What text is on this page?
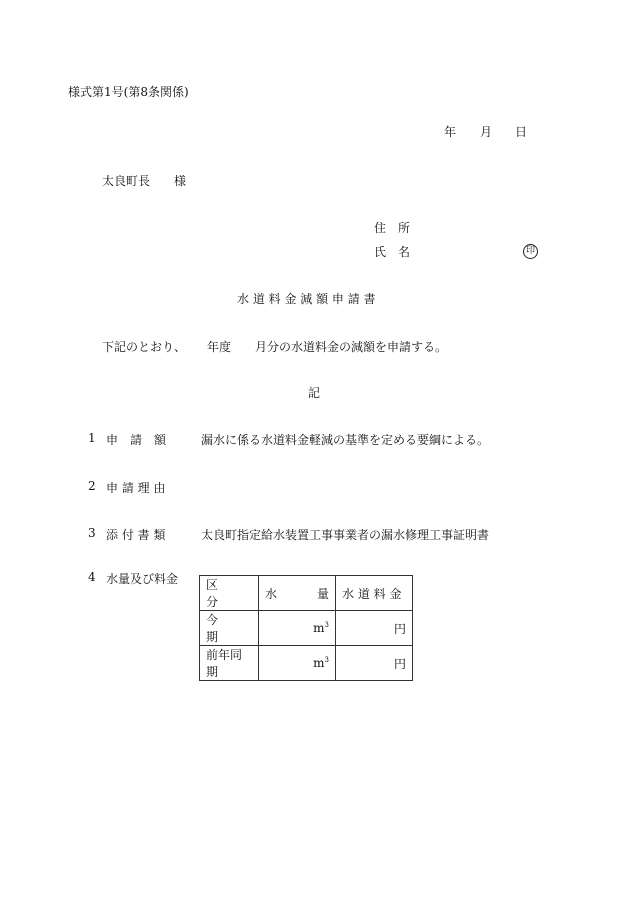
様式第1号(第8条関係)
年 月 日
太良町長　　様
住　所
氏　名	印
水 道 料 金 減 額 申 請 書
下記のとおり、 年度 月分の水道料金の減額を申請する。
記
1 申　請　額	漏水に係る水道料金軽減の基準を定める要綱による。
2 申 請 理 由
3 添 付 書 類	太良町指定給水装置工事事業者の漏水修理工事証明書
4 水量及び料金 区　　分	水 量	水 道 料 金
今　　期	$m^3$	円
前年同期	$m^3$	円
